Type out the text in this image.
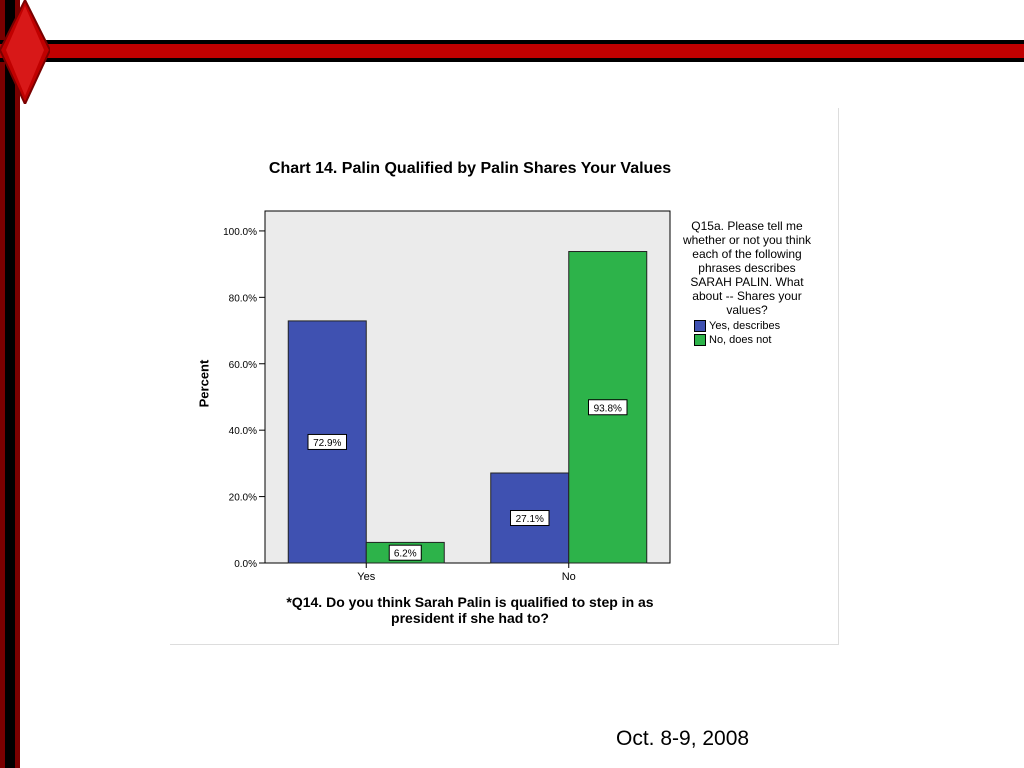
Chart 14. Palin Qualified by Palin Shares Your Values
0.0%
20.0%
40.0%
60.0%
80.0%
100.0%
72.9%
6.2%
Yes
27.1%
93.8%
No
Percent
*Q14. Do you think Sarah Palin is qualified to step in as president if she had to?
Q15a. Please tell me whether or not you think each of the following phrases describes SARAH PALIN. What about -- Shares your values?
Yes, describes
No, does not
Oct. 8-9, 2008
